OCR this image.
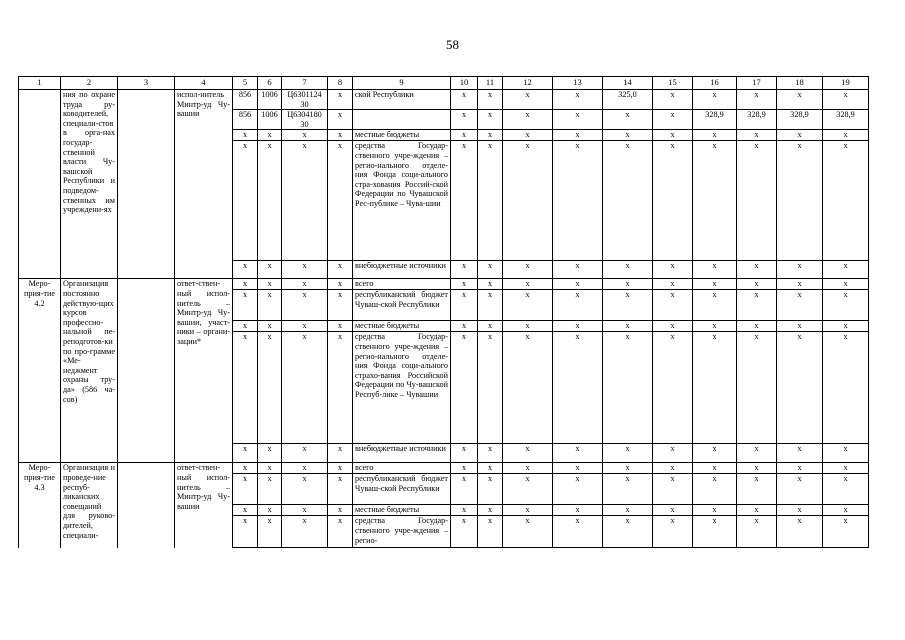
58
1	2	3	4	5	6	7	8	9	10	11	12	13	14	15	16	17	18	19
	ния по охране труда ру-ководителей, специали-стов в орга-нах государ-ственной власти Чу-вашской Республики и подведом-ственных им учреждени-ях		испол-нитель Минтр-уд Чу-вашии	856	1006	Ц6301124 30	x	ской Республики	x	x	x	x	325,0	x	x	x	x	x
				856	1006	Ц6304180 30	x		x	x	x	x	x	x	328,9	328,9	328,9	328,9
				x	x	x	x	местные бюджеты	x	x	x	x	x	x	x	x	x	x
				x	x	x	x	средства Государ-ственного учре-ждения – регио-нального отделе-ния Фонда соци-ального стра-хования Россий-ской Федерации по Чувашской Рес-публике – Чува-шии	x	x	x	x	x	x	x	x	x	x
				x	x	x	x	внебюджетные источники	x	x	x	x	x	x	x	x	x	x
Меро-прия-тие 4.2	Организация постоянно действую-щих курсов профессио-нальной пе-реподготов-ки по про-грамме «Ме-неджмент охраны тру-да» (586 ча-сов)		ответ-ствен-ный испол-нитель – Минтр-уд Чу-вашии, участ-ники – органи-зации*	x	x	x	x	всего	x	x	x	x	x	x	x	x	x	x
				x	x	x	x	республиканский бюджет Чуваш-ской Республики	x	x	x	x	x	x	x	x	x	x
				x	x	x	x	местные бюджеты	x	x	x	x	x	x	x	x	x	x
				x	x	x	x	средства Государ-ственного учре-ждения – регио-нального отделе-ния Фонда соци-ального страхо-вания Российской Федерации по Чу-вашской Респуб-лике – Чувашии	x	x	x	x	x	x	x	x	x	x
				x	x	x	x	внебюджетные источники	x	x	x	x	x	x	x	x	x	x
Меро-прия-тие 4.3	Организация и проведе-ние респуб-ликанских совещаний для руково-дителей, специали-		ответ-ствен-ный испол-нитель – Минтр-уд Чу-вашии	x	x	x	x	всего	x	x	x	x	x	x	x	x	x	x
				x	x	x	x	республиканский бюджет Чуваш-ской Республики	x	x	x	x	x	x	x	x	x	x
				x	x	x	x	местные бюджеты	x	x	x	x	x	x	x	x	x	x
				x	x	x	x	средства Государ-ственного учре-ждения – регио-	x	x	x	x	x	x	x	x	x	x
